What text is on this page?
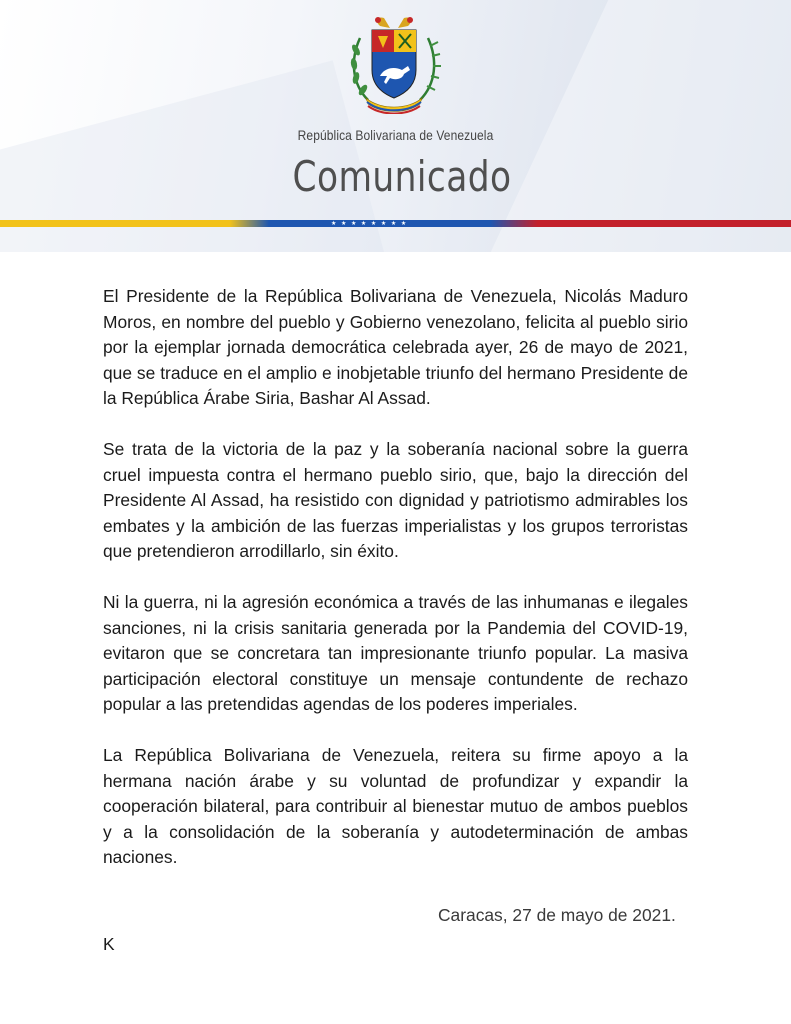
República Bolivariana de Venezuela
Comunicado
★★★★★★★★

El Presidente de la República Bolivariana de Venezuela, Nicolás Maduro Moros, en nombre del pueblo y Gobierno venezolano, felicita al pueblo sirio por la ejemplar jornada democrática celebrada ayer, 26 de mayo de 2021, que se traduce en el amplio e inobjetable triunfo del hermano Presidente de la República Árabe Siria, Bashar Al Assad.

Se trata de la victoria de la paz y la soberanía nacional sobre la guerra cruel impuesta contra el hermano pueblo sirio, que, bajo la dirección del Presidente Al Assad, ha resistido con dignidad y patriotismo admirables los embates y la ambición de las fuerzas imperialistas y los grupos terroristas que pretendieron arrodillarlo, sin éxito.

Ni la guerra, ni la agresión económica a través de las inhumanas e ilegales sanciones, ni la crisis sanitaria generada por la Pandemia del COVID-19, evitaron que se concretara tan impresionante triunfo popular. La masiva participación electoral constituye un mensaje contundente de rechazo popular a las pretendidas agendas de los poderes imperiales.

La República Bolivariana de Venezuela, reitera su firme apoyo a la hermana nación árabe y su voluntad de profundizar y expandir la cooperación bilateral, para contribuir al bienestar mutuo de ambos pueblos y a la consolidación de la soberanía y autodeterminación de ambas naciones.

Caracas, 27 de mayo de 2021.
K
